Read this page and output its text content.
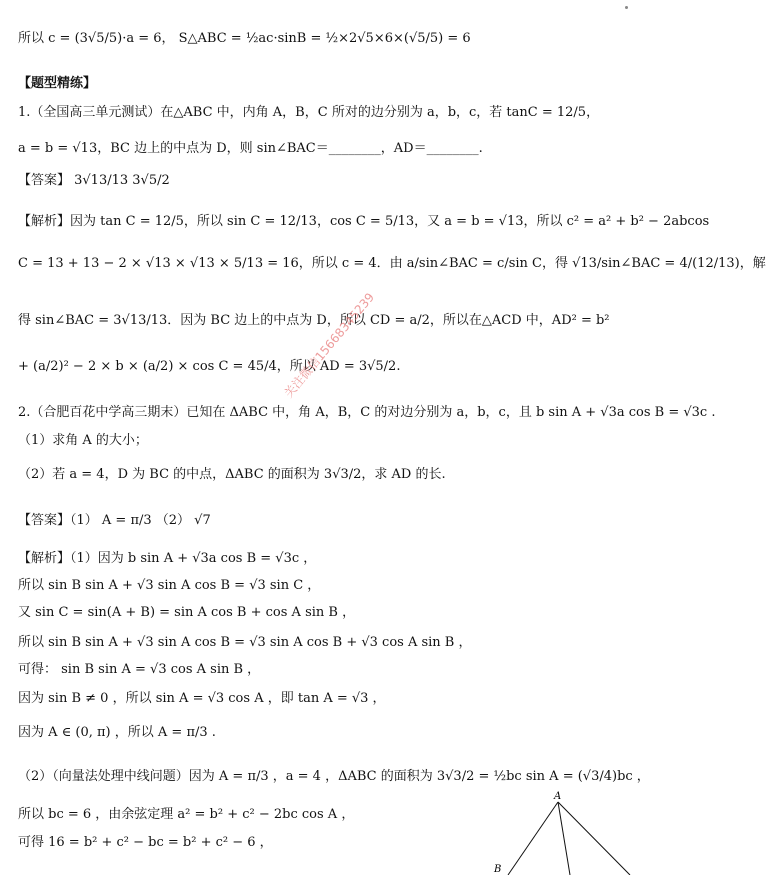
所以 c = (3√5/5)·a = 6， S△ABC = ½ac·sinB = ½×2√5×6×(√5/5) = 6
【题型精练】
1.（全国高三单元测试）在△ABC 中，内角 A，B，C 所对的边分别为 a，b，c，若 tanC = 12/5，
a = b = √13，BC 边上的中点为 D，则 sin∠BAC＝________，AD＝________.
【答案】 3√13/13 3√5/2
【解析】因为 tan C = 12/5，所以 sin C = 12/13，cos C = 5/13，又 a = b = √13，所以 c² = a² + b² − 2abcos
C = 13 + 13 − 2 × √13 × √13 × 5/13 = 16，所以 c = 4．由 a/sin∠BAC = c/sin C，得 √13/sin∠BAC = 4/(12/13)，解
得 sin∠BAC = 3√13/13．因为 BC 边上的中点为 D，所以 CD = a/2，所以在△ACD 中，AD² = b²
+ (a/2)² − 2 × b × (a/2) × cos C = 45/4，所以 AD = 3√5/2.
2.（合肥百花中学高三期末）已知在 ΔABC 中，角 A，B，C 的对边分别为 a，b，c，且 b sin A + √3a cos B = √3c .
（1）求角 A 的大小；
（2）若 a = 4，D 为 BC 的中点，ΔABC 的面积为 3√3/2，求 AD 的长.
【答案】（1） A = π/3 （2） √7
【解析】（1）因为 b sin A + √3a cos B = √3c ，
所以 sin B sin A + √3 sin A cos B = √3 sin C ，
又 sin C = sin(A + B) = sin A cos B + cos A sin B ，
所以 sin B sin A + √3 sin A cos B = √3 sin A cos B + √3 cos A sin B ，
可得： sin B sin A = √3 cos A sin B ，
因为 sin B ≠ 0 ，所以 sin A = √3 cos A ，即 tan A = √3 ，
因为 A ∈ (0, π) ，所以 A = π/3 .
（2）（向量法处理中线问题）因为 A = π/3 ，a = 4 ，ΔABC 的面积为 3√3/2 = ½bc sin A = (√3/4)bc ，
所以 bc = 6 ，由余弦定理 a² = b² + c² − 2bc cos A ，
可得 16 = b² + c² − bc = b² + c² − 6 ，
关注微信15668345239
A
B
